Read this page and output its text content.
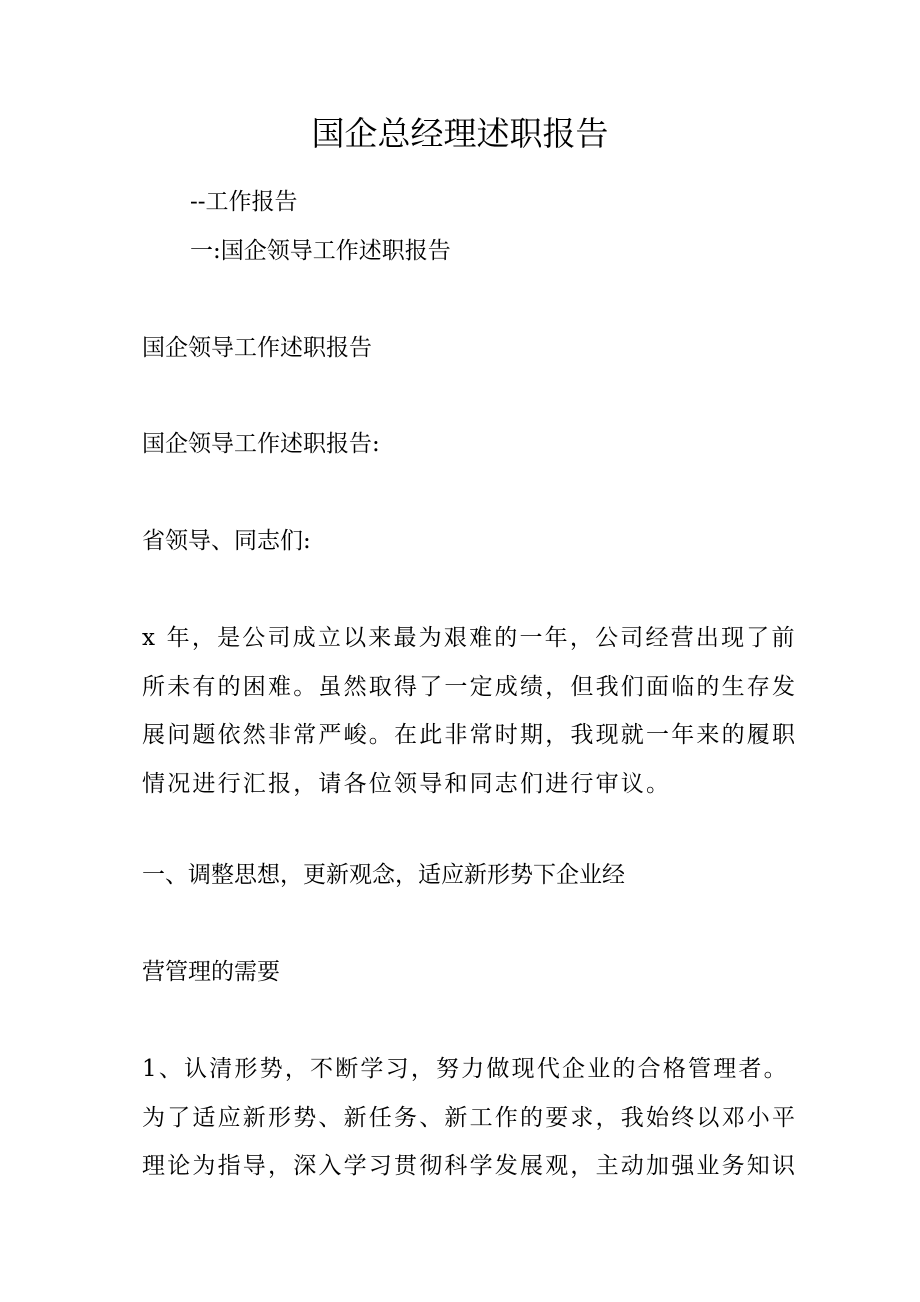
国企总经理述职报告
--工作报告
一:国企领导工作述职报告
国企领导工作述职报告
国企领导工作述职报告:
省领导、同志们:

x 年，是公司成立以来最为艰难的一年，公司经营出现了前

所未有的困难。虽然取得了一定成绩，但我们面临的生存发

展问题依然非常严峻。在此非常时期，我现就一年来的履职

情况进行汇报，请各位领导和同志们进行审议。

一、调整思想，更新观念，适应新形势下企业经
营管理的需要

1、认清形势，不断学习，努力做现代企业的合格管理者。

为了适应新形势、新任务、新工作的要求，我始终以邓小平

理论为指导，深入学习贯彻科学发展观，主动加强业务知识
